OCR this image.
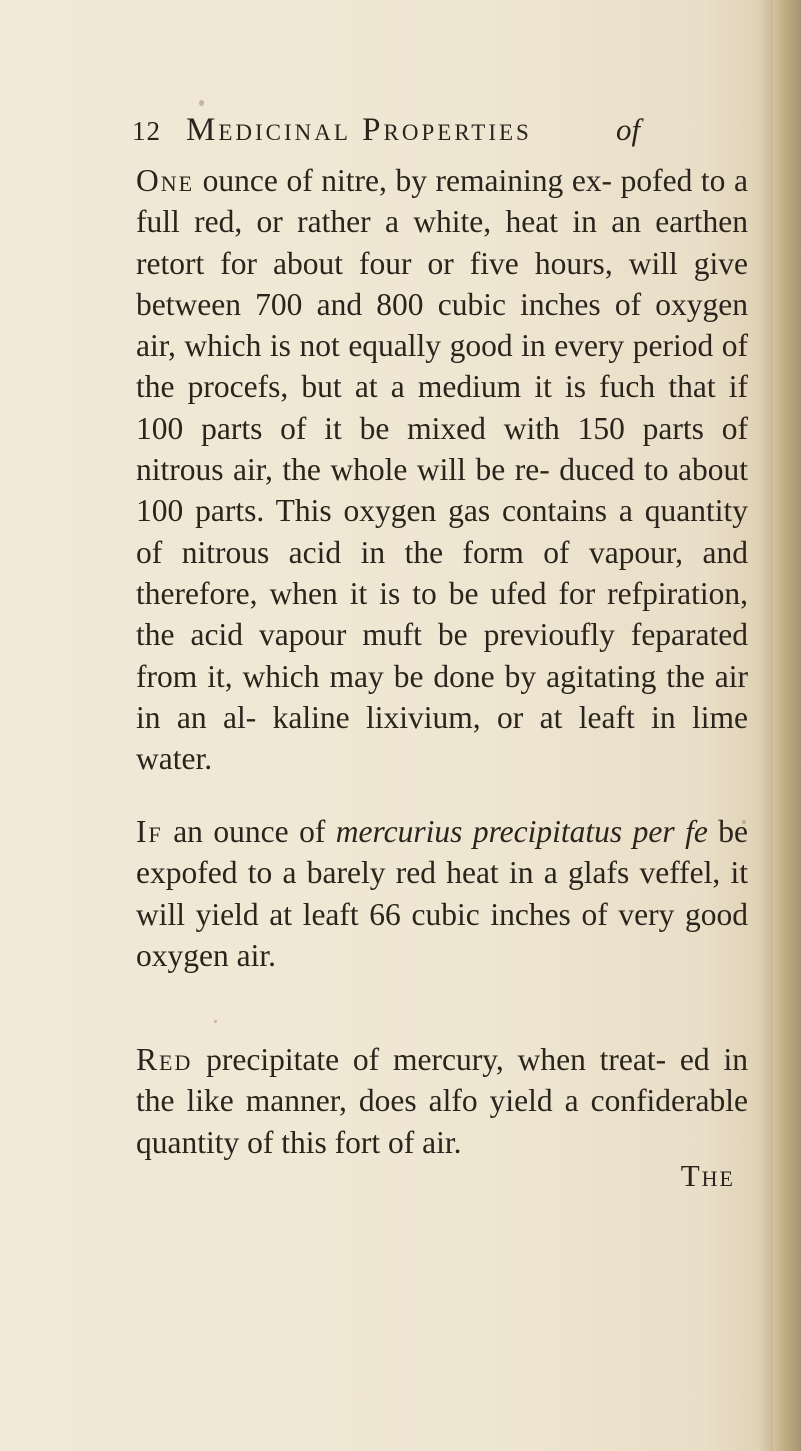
12 Medicinal Properties	of

One ounce of nitre, by remaining ex- pofed to a full red, or rather a white, heat in an earthen retort for about four or five hours, will give between 700 and 800 cubic inches of oxygen air, which is not equally good in every period of the procefs, but at a medium it is fuch that if 100 parts of it be mixed with 150 parts of nitrous air, the whole will be re- duced to about 100 parts. This oxygen gas contains a quantity of nitrous acid in the form of vapour, and therefore, when it is to be ufed for refpiration, the acid vapour muft be previoufly feparated from it, which may be done by agitating the air in an al- kaline lixivium, or at leaft in lime water.

If an ounce of mercurius precipitatus per fe be expofed to a barely red heat in a glafs veffel, it will yield at leaft 66 cubic inches of very good oxygen air.

Red precipitate of mercury, when treat- ed in the like manner, does alfo yield a confiderable quantity of this fort of air.

The
